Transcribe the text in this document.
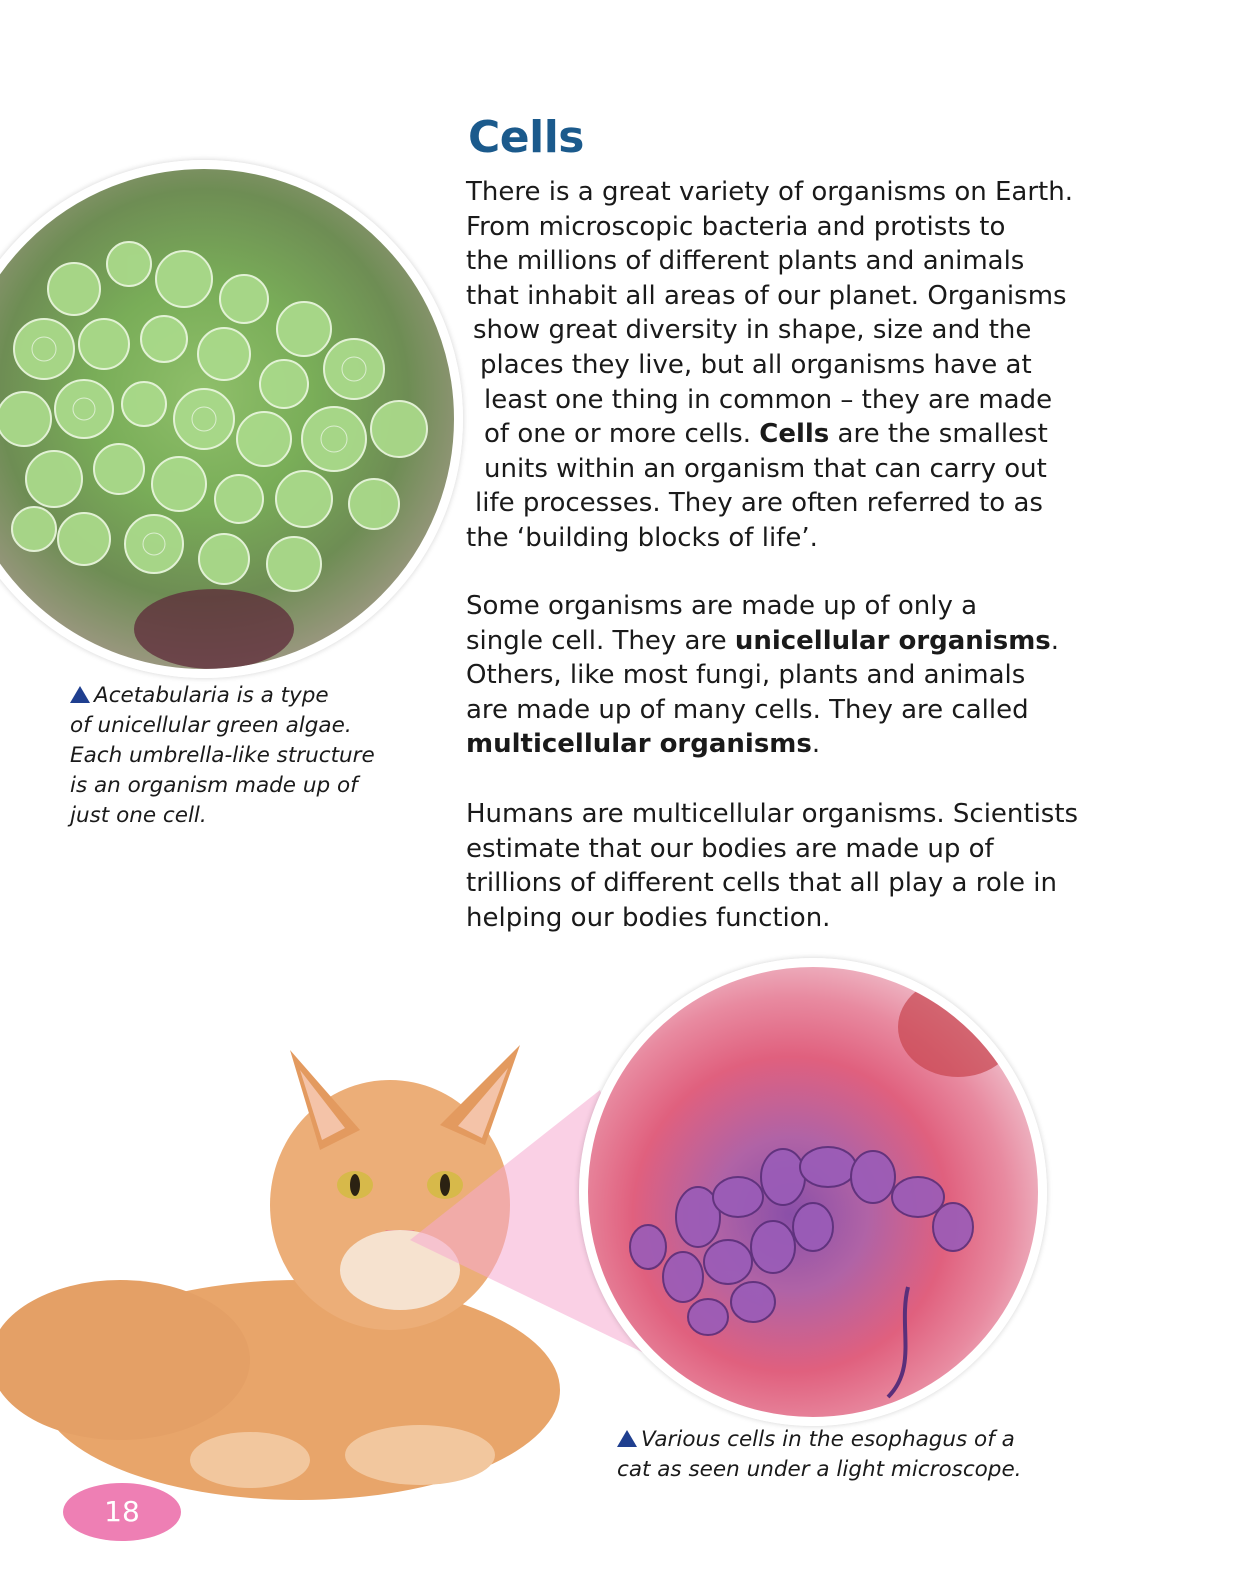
Cells
There is a great variety of organisms on Earth.
From microscopic bacteria and protists to
the millions of different plants and animals
that inhabit all areas of our planet. Organisms
show great diversity in shape, size and the
places they live, but all organisms have at
least one thing in common – they are made
of one or more cells. Cells are the smallest
units within an organism that can carry out
life processes. They are often referred to as
the ‘building blocks of life’.
Some organisms are made up of only a
single cell. They are unicellular organisms.
Others, like most fungi, plants and animals
are made up of many cells. They are called
multicellular organisms.
Humans are multicellular organisms. Scientists
estimate that our bodies are made up of
trillions of different cells that all play a role in
helping our bodies function.
Acetabularia is a type
of unicellular green algae.
Each umbrella-like structure
is an organism made up of
just one cell.
Various cells in the esophagus of a
cat as seen under a light microscope.
18
